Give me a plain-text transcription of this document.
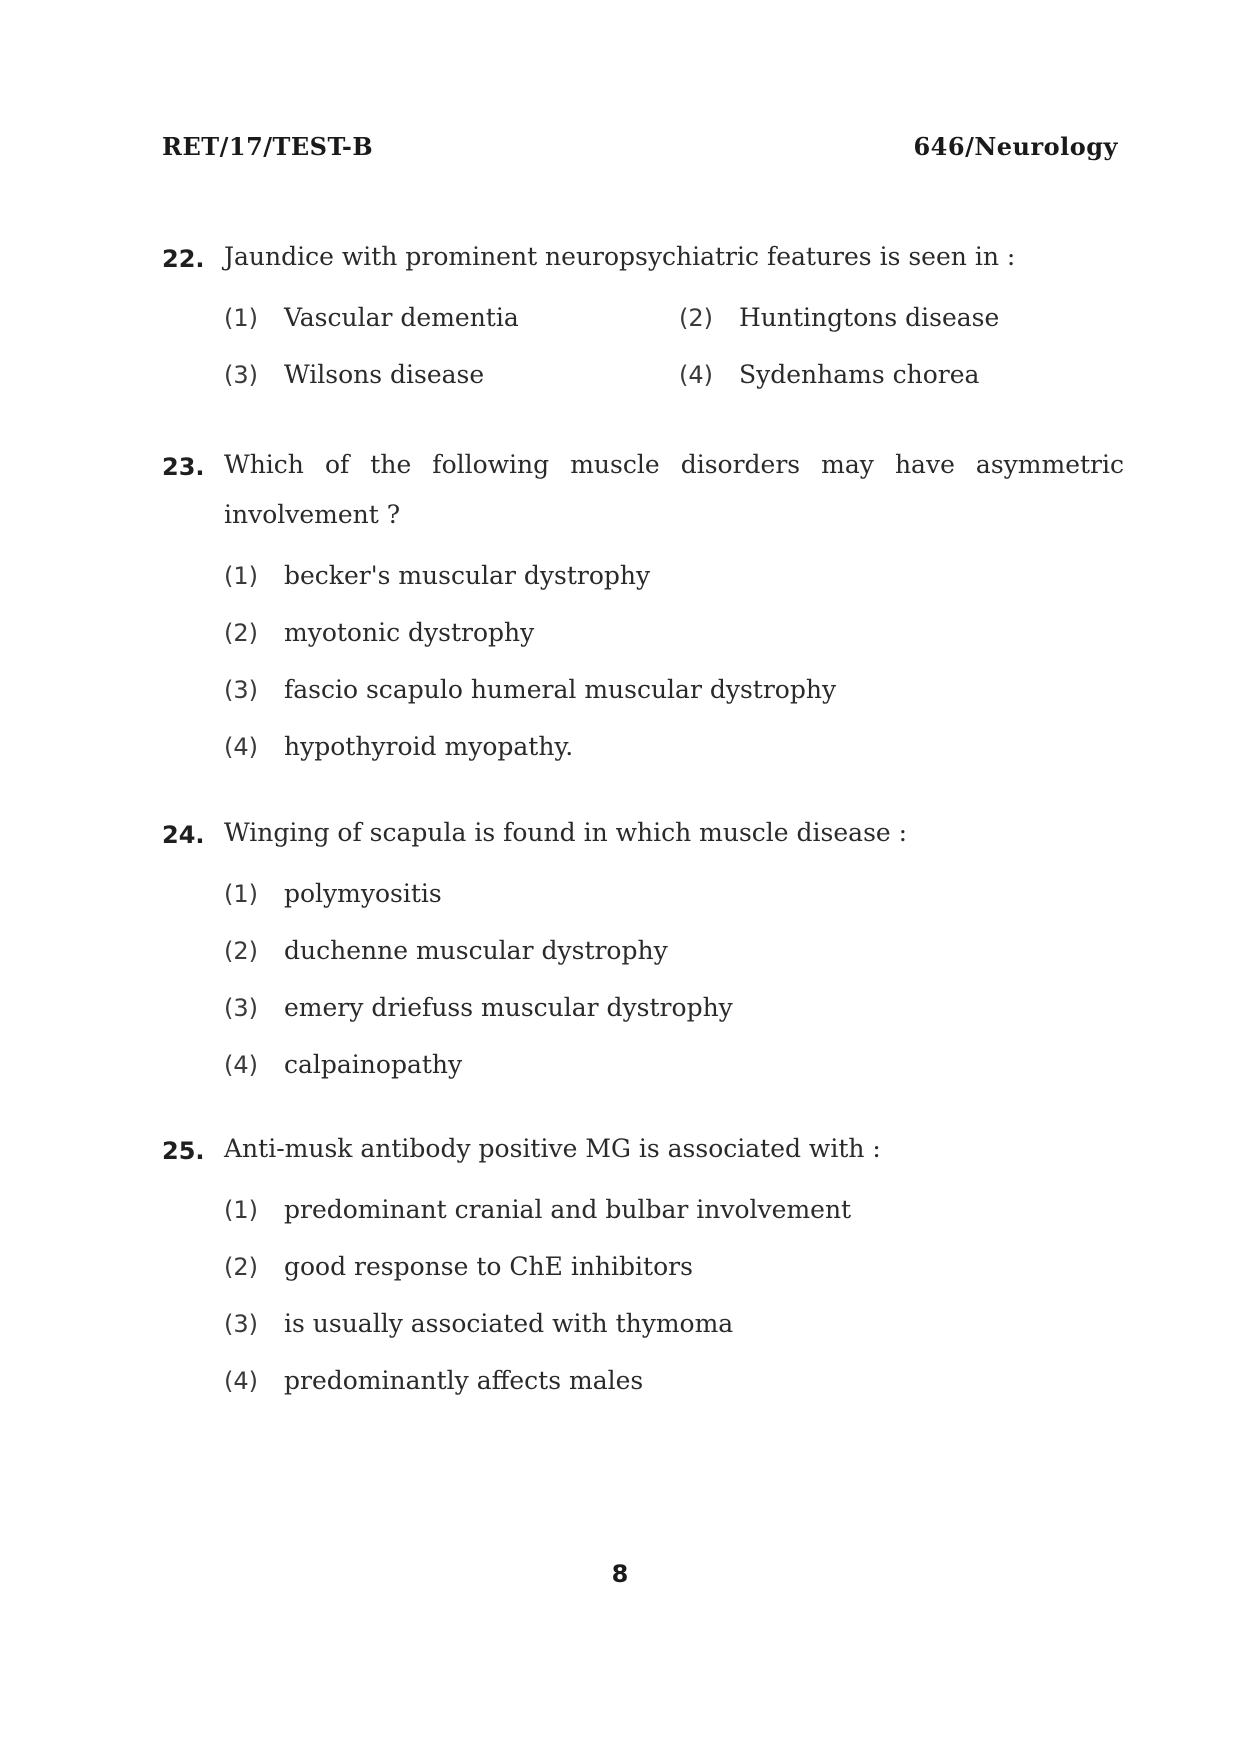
RET/17/TEST-B	646/Neurology
22. Jaundice with prominent neuropsychiatric features is seen in :
(1)	Vascular dementia	(2)	Huntingtons disease
(3)	Wilsons disease	(4)	Sydenhams chorea
23. Which of the following muscle disorders may have asymmetric
involvement ?
(1)	becker's muscular dystrophy
(2)	myotonic dystrophy
(3)	fascio scapulo humeral muscular dystrophy
(4)	hypothyroid myopathy.
24. Winging of scapula is found in which muscle disease :
(1)	polymyositis
(2)	duchenne muscular dystrophy
(3)	emery driefuss muscular dystrophy
(4)	calpainopathy
25. Anti-musk antibody positive MG is associated with :
(1)	predominant cranial and bulbar involvement
(2)	good response to ChE inhibitors
(3)	is usually associated with thymoma
(4)	predominantly affects males
8
